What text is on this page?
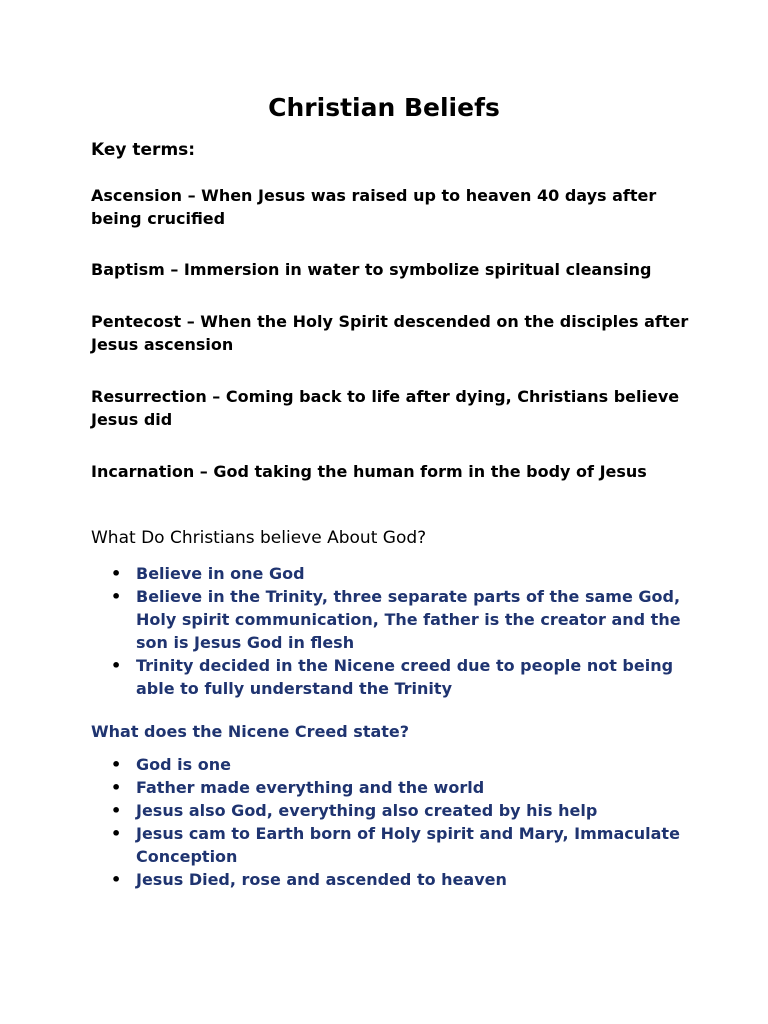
Christian Beliefs
Key terms:
Ascension – When Jesus was raised up to heaven 40 days after being crucified
Baptism – Immersion in water to symbolize spiritual cleansing
Pentecost – When the Holy Spirit descended on the disciples after Jesus ascension
Resurrection – Coming back to life after dying, Christians believe Jesus did
Incarnation – God taking the human form in the body of Jesus
What Do Christians believe About God?
• Believe in one God
• Believe in the Trinity, three separate parts of the same God, Holy spirit communication, The father is the creator and the son is Jesus God in flesh
• Trinity decided in the Nicene creed due to people not being able to fully understand the Trinity
What does the Nicene Creed state?
• God is one
• Father made everything and the world
• Jesus also God, everything also created by his help
• Jesus cam to Earth born of Holy spirit and Mary, Immaculate Conception
• Jesus Died, rose and ascended to heaven
